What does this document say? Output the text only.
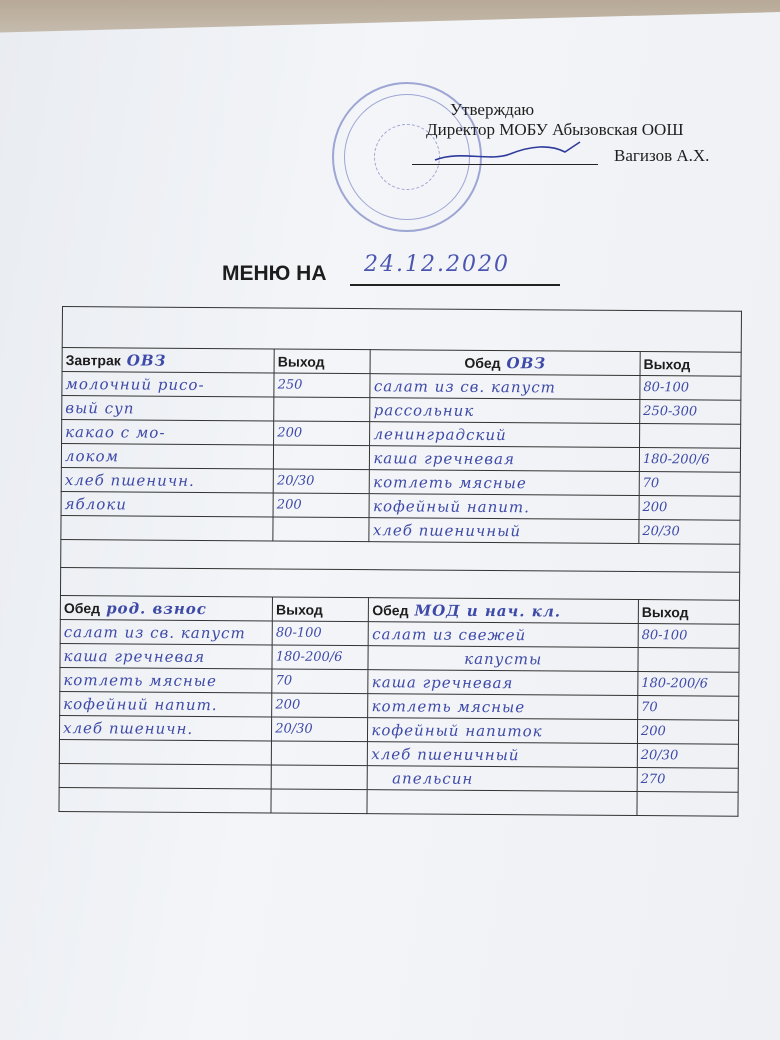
Утверждаю
Директор МОБУ Абызовская ООШ
Вагизов А.Х.
МЕНЮ НА	24.12.2020

Завтрак ОВЗ	Выход	Обед ОВЗ	Выход
молочний рисо-	250	салат из св. капуст	80-100
вый суп		рассольник	250-300
какао с мо-	200	ленинградский	
локом		каша гречневая	180-200/6
хлеб пшеничн.	20/30	котлеть мясные	70
яблоки	200	кофейный напит.	200
		хлеб пшеничный	20/30

Обед род. взнос	Выход	Обед МОД и нач. кл.	Выход
салат из св. капуст	80-100	салат из свежей	80-100
каша гречневая	180-200/6	капусты	
котлеть мясные	70	каша гречневая	180-200/6
кофейний напит.	200	котлеть мясные	70
хлеб пшеничн.	20/30	кофейный напиток	200
		хлеб пшеничный	20/30
		апельсин	270
